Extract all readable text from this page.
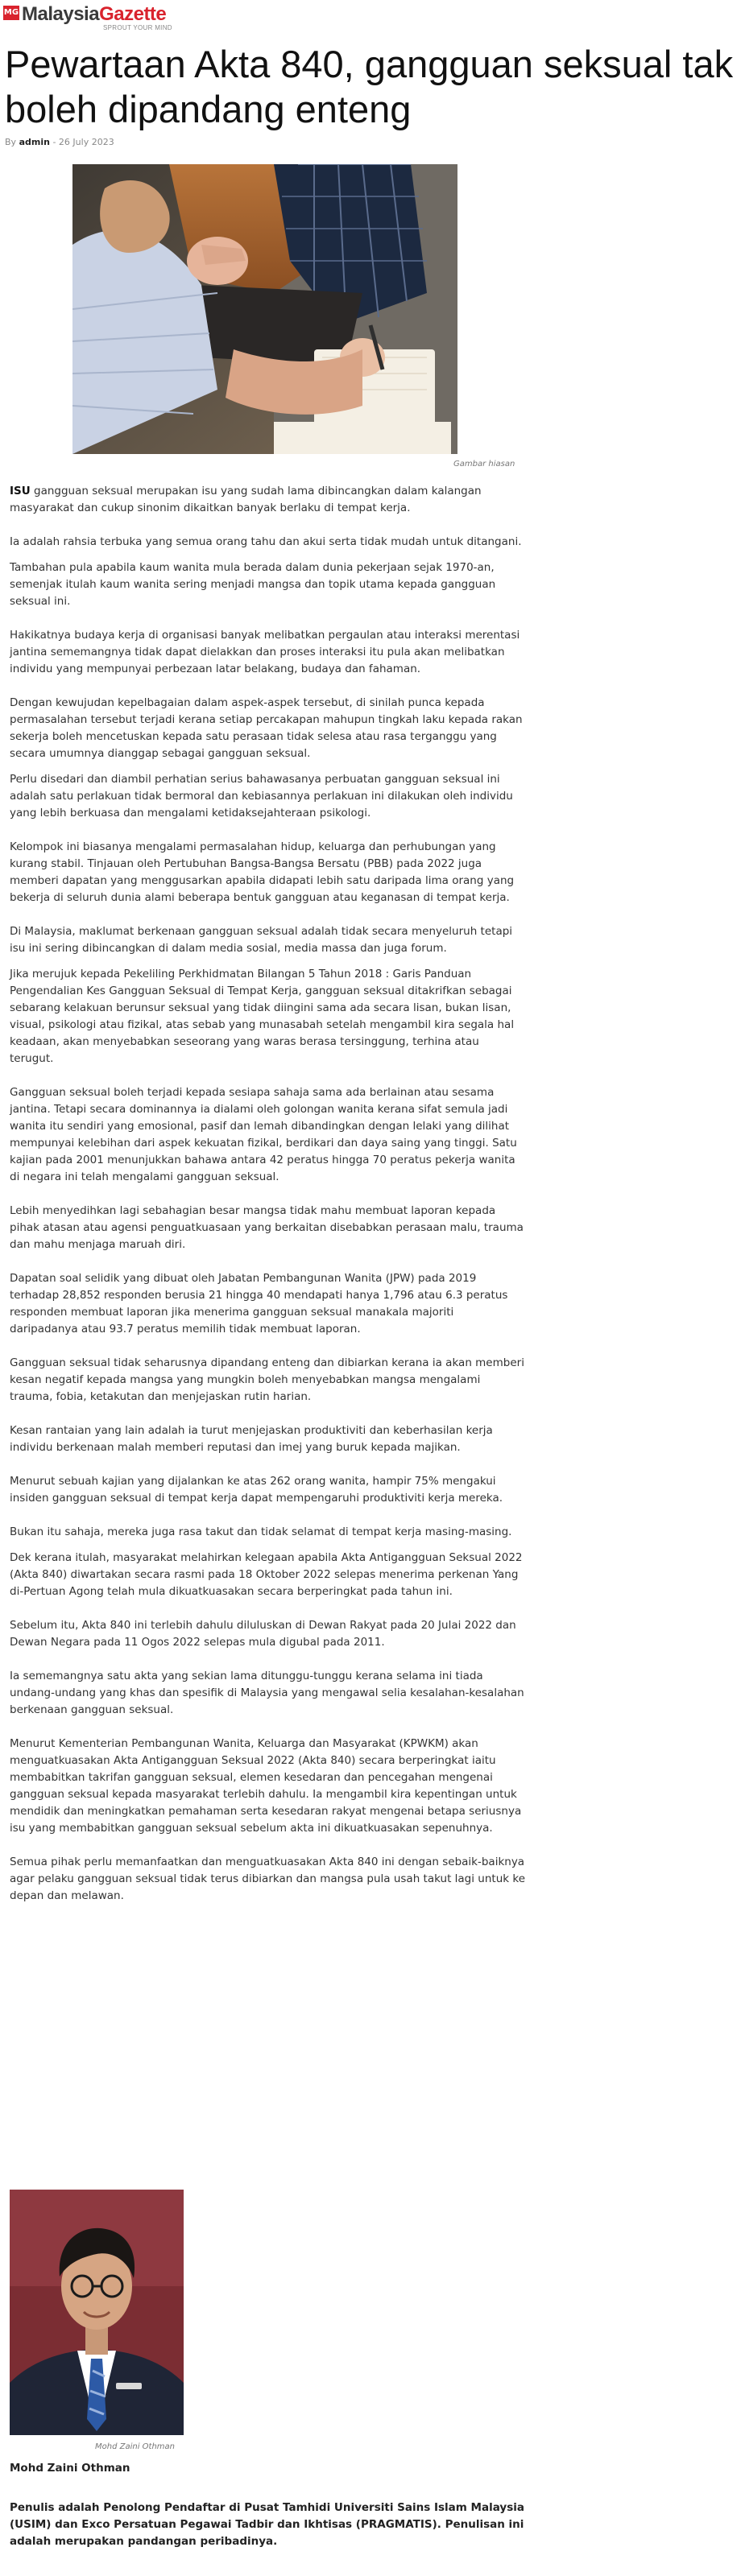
MG MalaysiaGazette
SPROUT YOUR MIND
Pewartaan Akta 840, gangguan seksual tak boleh dipandang enteng
By admin - 26 July 2023
Gambar hiasan

ISU gangguan seksual merupakan isu yang sudah lama dibincangkan dalam kalangan masyarakat dan cukup sinonim dikaitkan banyak berlaku di tempat kerja.

Ia adalah rahsia terbuka yang semua orang tahu dan akui serta tidak mudah untuk ditangani.

Tambahan pula apabila kaum wanita mula berada dalam dunia pekerjaan sejak 1970-an, semenjak itulah kaum wanita sering menjadi mangsa dan topik utama kepada gangguan seksual ini.

Hakikatnya budaya kerja di organisasi banyak melibatkan pergaulan atau interaksi merentasi jantina sememangnya tidak dapat dielakkan dan proses interaksi itu pula akan melibatkan individu yang mempunyai perbezaan latar belakang, budaya dan fahaman.

Dengan kewujudan kepelbagaian dalam aspek-aspek tersebut, di sinilah punca kepada permasalahan tersebut terjadi kerana setiap percakapan mahupun tingkah laku kepada rakan sekerja boleh mencetuskan kepada satu perasaan tidak selesa atau rasa terganggu yang secara umumnya dianggap sebagai gangguan seksual.

Perlu disedari dan diambil perhatian serius bahawasanya perbuatan gangguan seksual ini adalah satu perlakuan tidak bermoral dan kebiasannya perlakuan ini dilakukan oleh individu yang lebih berkuasa dan mengalami ketidaksejahteraan psikologi.

Kelompok ini biasanya mengalami permasalahan hidup, keluarga dan perhubungan yang kurang stabil. Tinjauan oleh Pertubuhan Bangsa-Bangsa Bersatu (PBB) pada 2022 juga memberi dapatan yang menggusarkan apabila didapati lebih satu daripada lima orang yang bekerja di seluruh dunia alami beberapa bentuk gangguan atau keganasan di tempat kerja.

Di Malaysia, maklumat berkenaan gangguan seksual adalah tidak secara menyeluruh tetapi isu ini sering dibincangkan di dalam media sosial, media massa dan juga forum.

Jika merujuk kepada Pekeliling Perkhidmatan Bilangan 5 Tahun 2018 : Garis Panduan Pengendalian Kes Gangguan Seksual di Tempat Kerja, gangguan seksual ditakrifkan sebagai sebarang kelakuan berunsur seksual yang tidak diingini sama ada secara lisan, bukan lisan, visual, psikologi atau fizikal, atas sebab yang munasabah setelah mengambil kira segala hal keadaan, akan menyebabkan seseorang yang waras berasa tersinggung, terhina atau terugut.

Gangguan seksual boleh terjadi kepada sesiapa sahaja sama ada berlainan atau sesama jantina. Tetapi secara dominannya ia dialami oleh golongan wanita kerana sifat semula jadi wanita itu sendiri yang emosional, pasif dan lemah dibandingkan dengan lelaki yang dilihat mempunyai kelebihan dari aspek kekuatan fizikal, berdikari dan daya saing yang tinggi. Satu kajian pada 2001 menunjukkan bahawa antara 42 peratus hingga 70 peratus pekerja wanita di negara ini telah mengalami gangguan seksual.

Lebih menyedihkan lagi sebahagian besar mangsa tidak mahu membuat laporan kepada pihak atasan atau agensi penguatkuasaan yang berkaitan disebabkan perasaan malu, trauma dan mahu menjaga maruah diri.

Dapatan soal selidik yang dibuat oleh Jabatan Pembangunan Wanita (JPW) pada 2019 terhadap 28,852 responden berusia 21 hingga 40 mendapati hanya 1,796 atau 6.3 peratus responden membuat laporan jika menerima gangguan seksual manakala majoriti daripadanya atau 93.7 peratus memilih tidak membuat laporan.

Gangguan seksual tidak seharusnya dipandang enteng dan dibiarkan kerana ia akan memberi kesan negatif kepada mangsa yang mungkin boleh menyebabkan mangsa mengalami trauma, fobia, ketakutan dan menjejaskan rutin harian.

Kesan rantaian yang lain adalah ia turut menjejaskan produktiviti dan keberhasilan kerja individu berkenaan malah memberi reputasi dan imej yang buruk kepada majikan.

Menurut sebuah kajian yang dijalankan ke atas 262 orang wanita, hampir 75% mengakui insiden gangguan seksual di tempat kerja dapat mempengaruhi produktiviti kerja mereka.

Bukan itu sahaja, mereka juga rasa takut dan tidak selamat di tempat kerja masing-masing.

Dek kerana itulah, masyarakat melahirkan kelegaan apabila Akta Antigangguan Seksual 2022 (Akta 840) diwartakan secara rasmi pada 18 Oktober 2022 selepas menerima perkenan Yang di-Pertuan Agong telah mula dikuatkuasakan secara berperingkat pada tahun ini.

Sebelum itu, Akta 840 ini terlebih dahulu diluluskan di Dewan Rakyat pada 20 Julai 2022 dan Dewan Negara pada 11 Ogos 2022 selepas mula digubal pada 2011.

Ia sememangnya satu akta yang sekian lama ditunggu-tunggu kerana selama ini tiada undang-undang yang khas dan spesifik di Malaysia yang mengawal selia kesalahan-kesalahan berkenaan gangguan seksual.

Menurut Kementerian Pembangunan Wanita, Keluarga dan Masyarakat (KPWKM) akan menguatkuasakan Akta Antigangguan Seksual 2022 (Akta 840) secara berperingkat iaitu membabitkan takrifan gangguan seksual, elemen kesedaran dan pencegahan mengenai gangguan seksual kepada masyarakat terlebih dahulu. Ia mengambil kira kepentingan untuk mendidik dan meningkatkan pemahaman serta kesedaran rakyat mengenai betapa seriusnya isu yang membabitkan gangguan seksual sebelum akta ini dikuatkuasakan sepenuhnya.

Semua pihak perlu memanfaatkan dan menguatkuasakan Akta 840 ini dengan sebaik-baiknya agar pelaku gangguan seksual tidak terus dibiarkan dan mangsa pula usah takut lagi untuk ke depan dan melawan.

Mohd Zaini Othman
Mohd Zaini Othman

Penulis adalah Penolong Pendaftar di Pusat Tamhidi Universiti Sains Islam Malaysia (USIM) dan Exco Persatuan Pegawai Tadbir dan Ikhtisas (PRAGMATIS). Penulisan ini adalah merupakan pandangan peribadinya.
